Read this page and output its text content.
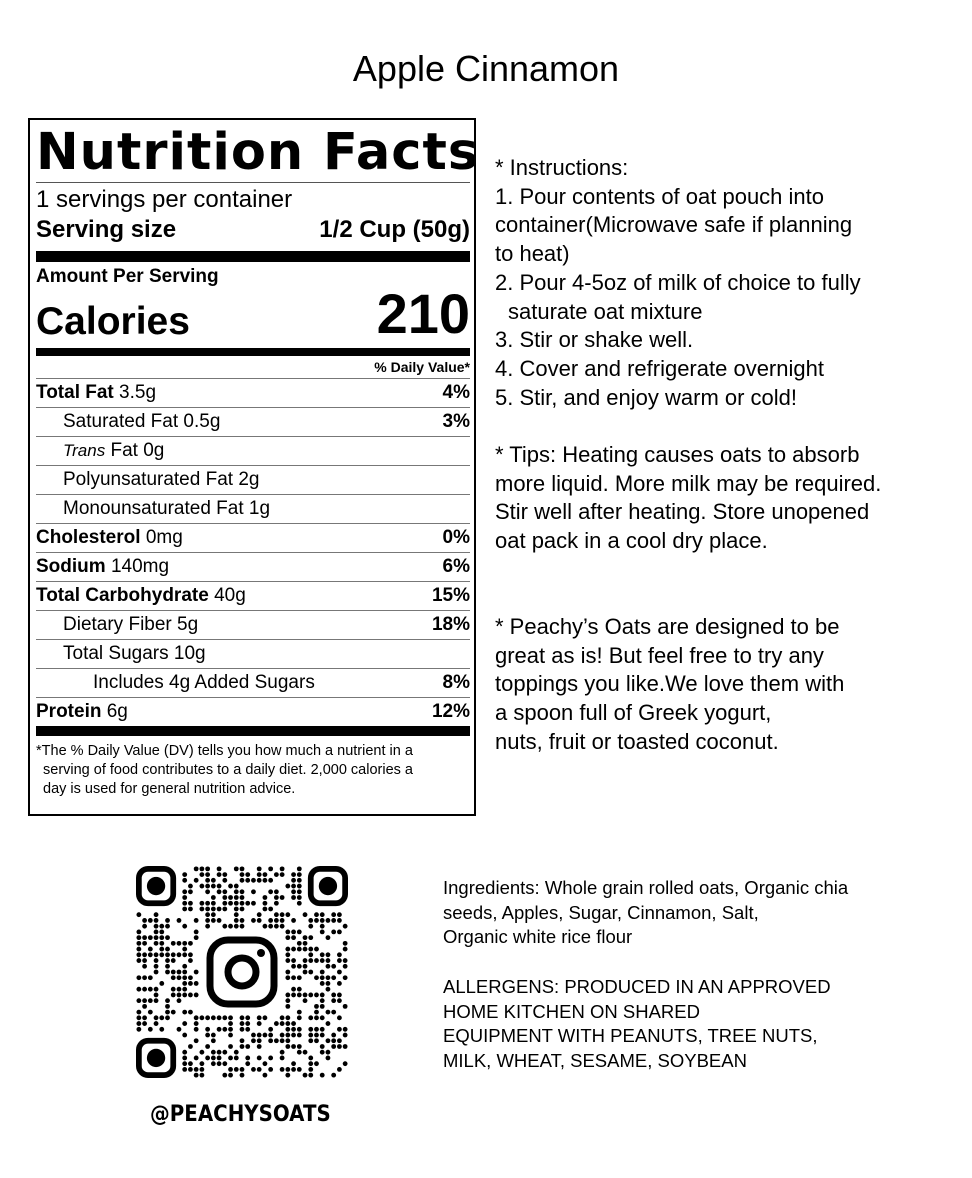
Apple Cinnamon
Nutrition Facts
1 servings per container
Serving size	1/2 Cup (50g)
Amount Per Serving
Calories	210
% Daily Value*
Total Fat 3.5g	4%
Saturated Fat 0.5g	3%
Trans Fat 0g
Polyunsaturated Fat 2g
Monounsaturated Fat 1g
Cholesterol 0mg	0%
Sodium 140mg	6%
Total Carbohydrate 40g	15%
Dietary Fiber 5g	18%
Total Sugars 10g
Includes 4g Added Sugars	8%
Protein 6g	12%
*The % Daily Value (DV) tells you how much a nutrient in a
serving of food contributes to a daily diet. 2,000 calories a
day is used for general nutrition advice.

* Instructions:

1. Pour contents of oat pouch into

container(Microwave safe if planning

to heat)

2. Pour 4-5oz of milk of choice to fully

saturate oat mixture

3. Stir or shake well.

4. Cover and refrigerate overnight

5. Stir, and enjoy warm or cold!

* Tips: Heating causes oats to absorb

more liquid. More milk may be required.

Stir well after heating. Store unopened

oat pack in a cool dry place.

* Peachy’s Oats are designed to be

great as is! But feel free to try any

toppings you like.We love them with

a spoon full of Greek yogurt,

nuts, fruit or toasted coconut.

@PEACHYSOATS

Ingredients: Whole grain rolled oats, Organic chia

seeds, Apples, Sugar, Cinnamon, Salt,

Organic white rice flour

ALLERGENS: PRODUCED IN AN APPROVED

HOME KITCHEN ON SHARED

EQUIPMENT WITH PEANUTS, TREE NUTS,

MILK, WHEAT, SESAME, SOYBEAN
